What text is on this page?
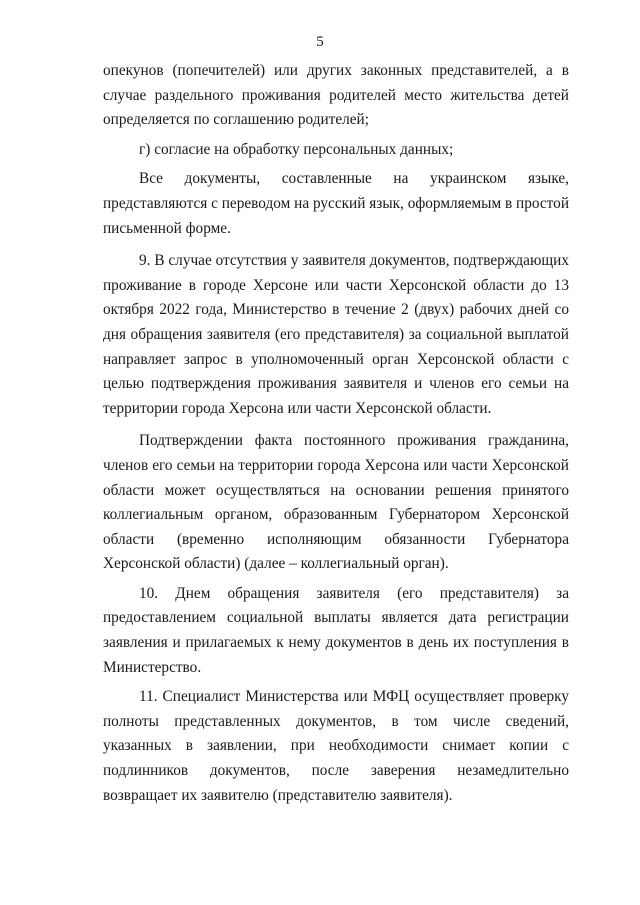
5

опекунов (попечителей) или других законных представителей, а в случае раздельного проживания родителей место жительства детей определяется по соглашению родителей;

г) согласие на обработку персональных данных;

Все документы, составленные на украинском языке, представляются с переводом на русский язык, оформляемым в простой письменной форме.

9. В случае отсутствия у заявителя документов, подтверждающих проживание в городе Херсоне или части Херсонской области до 13 октября 2022 года, Министерство в течение 2 (двух) рабочих дней со дня обращения заявителя (его представителя) за социальной выплатой направляет запрос в уполномоченный орган Херсонской области с целью подтверждения проживания заявителя и членов его семьи на территории города Херсона или части Херсонской области.

Подтверждении факта постоянного проживания гражданина, членов его семьи на территории города Херсона или части Херсонской области может осуществляться на основании решения принятого коллегиальным органом, образованным Губернатором Херсонской области (временно исполняющим обязанности Губернатора Херсонской области) (далее – коллегиальный орган).

10. Днем обращения заявителя (его представителя) за предоставлением социальной выплаты является дата регистрации заявления и прилагаемых к нему документов в день их поступления в Министерство.

11. Специалист Министерства или МФЦ осуществляет проверку полноты представленных документов, в том числе сведений, указанных в заявлении, при необходимости снимает копии с подлинников документов, после заверения незамедлительно возвращает их заявителю (представителю заявителя).
